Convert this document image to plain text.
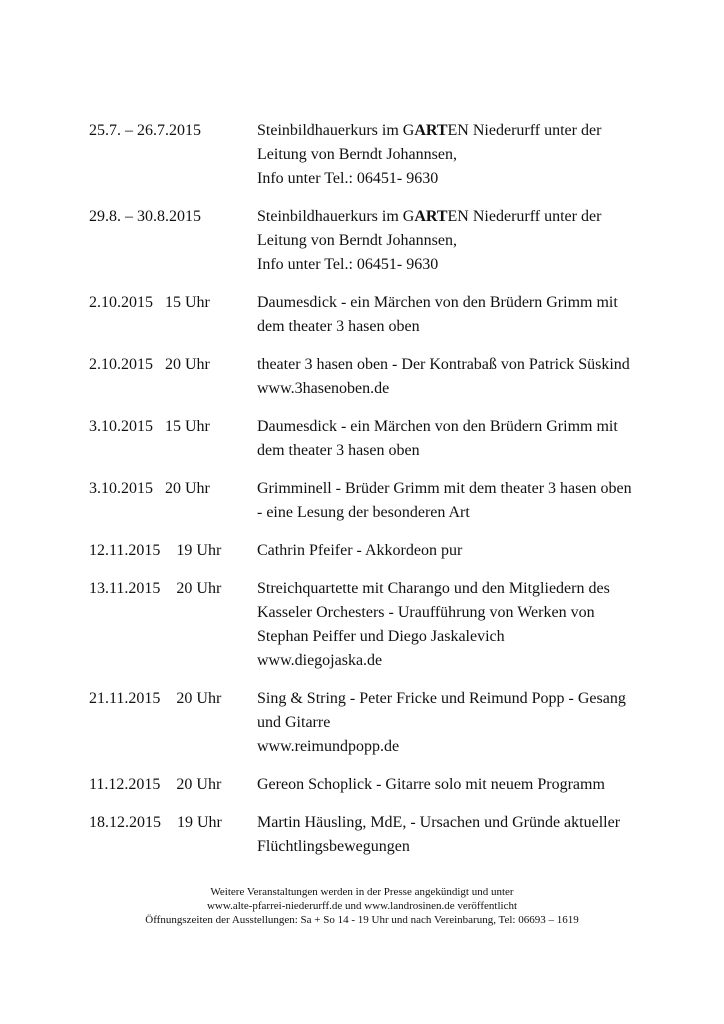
25.7. – 26.7.2015	Steinbildhauerkurs im GARTEN Niederurff unter der
Leitung von Berndt Johannsen,
Info unter Tel.: 06451- 9630
29.8. – 30.8.2015	Steinbildhauerkurs im GARTEN Niederurff unter der
Leitung von Berndt Johannsen,
Info unter Tel.: 06451- 9630
2.10.2015   15 Uhr	Daumesdick - ein Märchen von den Brüdern Grimm mit
dem theater 3 hasen oben
2.10.2015   20 Uhr	theater 3 hasen oben - Der Kontrabaß von Patrick Süskind
www.3hasenoben.de
3.10.2015   15 Uhr	Daumesdick - ein Märchen von den Brüdern Grimm mit
dem theater 3 hasen oben
3.10.2015   20 Uhr	Grimminell - Brüder Grimm mit dem theater 3 hasen oben
- eine Lesung der besonderen Art
12.11.2015    19 Uhr Cathrin Pfeifer - Akkordeon pur
13.11.2015    20 Uhr Streichquartette mit Charango und den Mitgliedern des
Kasseler Orchesters - Uraufführung von Werken von
Stephan Peiffer und Diego Jaskalevich
www.diegojaska.de
21.11.2015    20 Uhr Sing & String - Peter Fricke und Reimund Popp - Gesang
und Gitarre
www.reimundpopp.de
11.12.2015    20 Uhr Gereon Schoplick - Gitarre solo mit neuem Programm
18.12.2015    19 Uhr Martin Häusling, MdE, - Ursachen und Gründe aktueller
Flüchtlingsbewegungen
Weitere Veranstaltungen werden in der Presse angekündigt und unter
www.alte-pfarrei-niederurff.de und www.landrosinen.de veröffentlicht
Öffnungszeiten der Ausstellungen: Sa + So 14 - 19 Uhr und nach Vereinbarung, Tel: 06693 – 1619
